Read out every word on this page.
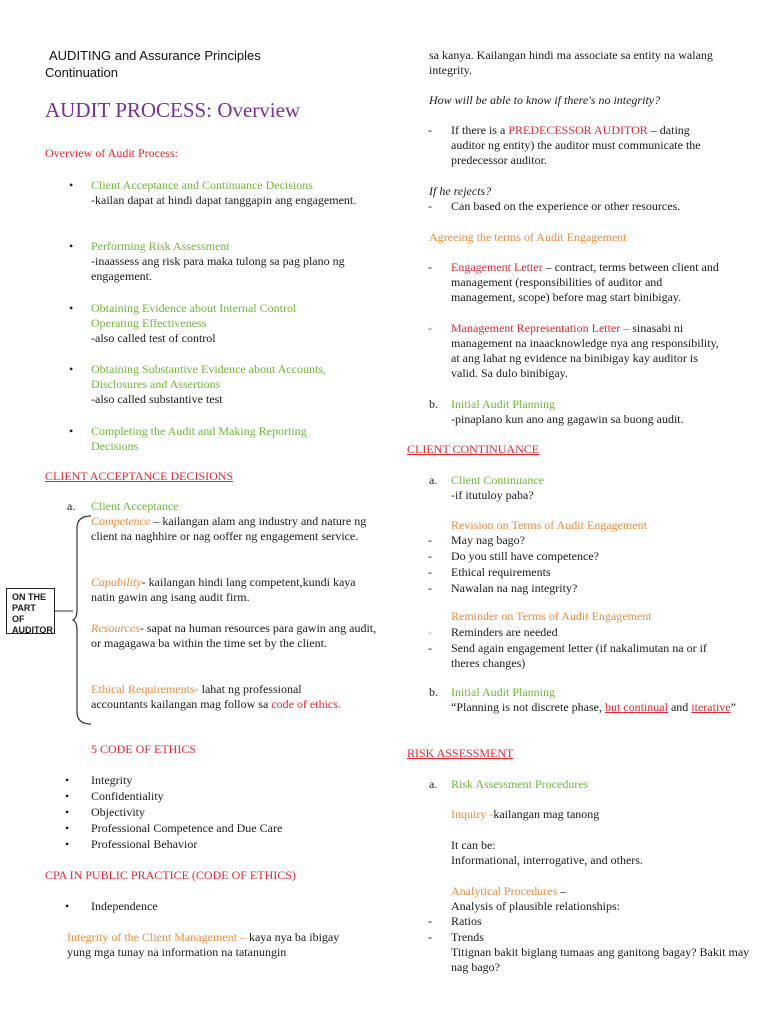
AUDITING and Assurance Principles
Continuation
AUDIT PROCESS: Overview
Overview of Audit Process:
• Client Acceptance and Continuance Decisions
-kailan dapat at hindi dapat tanggapin ang engagement.
• Performing Risk Assessment
-inaassess ang risk para maka tulong sa pag plano ng engagement.
• Obtaining Evidence about Internal Control Operating Effectiveness
-also called test of control
• Obtaining Substantive Evidence about Accounts, Disclosures and Assertions
-also called substantive test
• Completing the Audit and Making Reporting Decisions
CLIENT ACCEPTANCE DECISIONS
a. Client Acceptance
Competence – kailangan alam ang industry and nature ng client na naghhire or nag ooffer ng engagement service.
Capability- kailangan hindi lang competent,kundi kaya natin gawin ang isang audit firm.
Resources- sapat na human resources para gawin ang audit, or magagawa ba within the time set by the client.
Ethical Requirements- lahat ng professional accountants kailangan mag follow sa code of ethics.
5 CODE OF ETHICS
• Integrity
• Confidentiality
• Objectivity
• Professional Competence and Due Care
• Professional Behavior
CPA IN PUBLIC PRACTICE (CODE OF ETHICS)
• Independence
Integrity of the Client Management – kaya nya ba ibigay yung mga tunay na information na tatanungin
ON THE PART OF AUDITOR
sa kanya. Kailangan hindi ma associate sa entity na walang integrity.
How will be able to know if there's no integrity?
-	If there is a PREDECESSOR AUDITOR – dating auditor ng entity) the auditor must communicate the predecessor auditor.
If he rejects?
-	Can based on the experience or other resources.
Agreeing the terms of Audit Engagement
-	Engagement Letter – contract, terms between client and management (responsibilities of auditor and management, scope) before mag start binibigay.
-	Management Representation Letter – sinasabi ni management na inaacknowledge nya ang responsibility, at ang lahat ng evidence na binibigay kay auditor is valid. Sa dulo binibigay.
b. Initial Audit Planning
-pinaplano kun ano ang gagawin sa buong audit.
CLIENT CONTINUANCE
a. Client Continuance
-if itutuloy paba?
Revision on Terms of Audit Engagement
- May nag bago?
- Do you still have competence?
- Ethical requirements
- Nawalan na nag integrity?
Reminder on Terms of Audit Engagement
- Reminders are needed
-	Send again engagement letter (if nakalimutan na or if theres changes)
b. Initial Audit Planning
“Planning is not discrete phase, but continual and iterative”
RISK ASSESSMENT
a. Risk Assessment Procedures
Inquiry -kailangan mag tanong
It can be:
Informational, interrogative, and others.
Analytical Procedures –
Analysis of plausible relationships:
- Ratios
- Trends
Titignan bakit biglang tumaas ang ganitong bagay? Bakit may nag bago?
